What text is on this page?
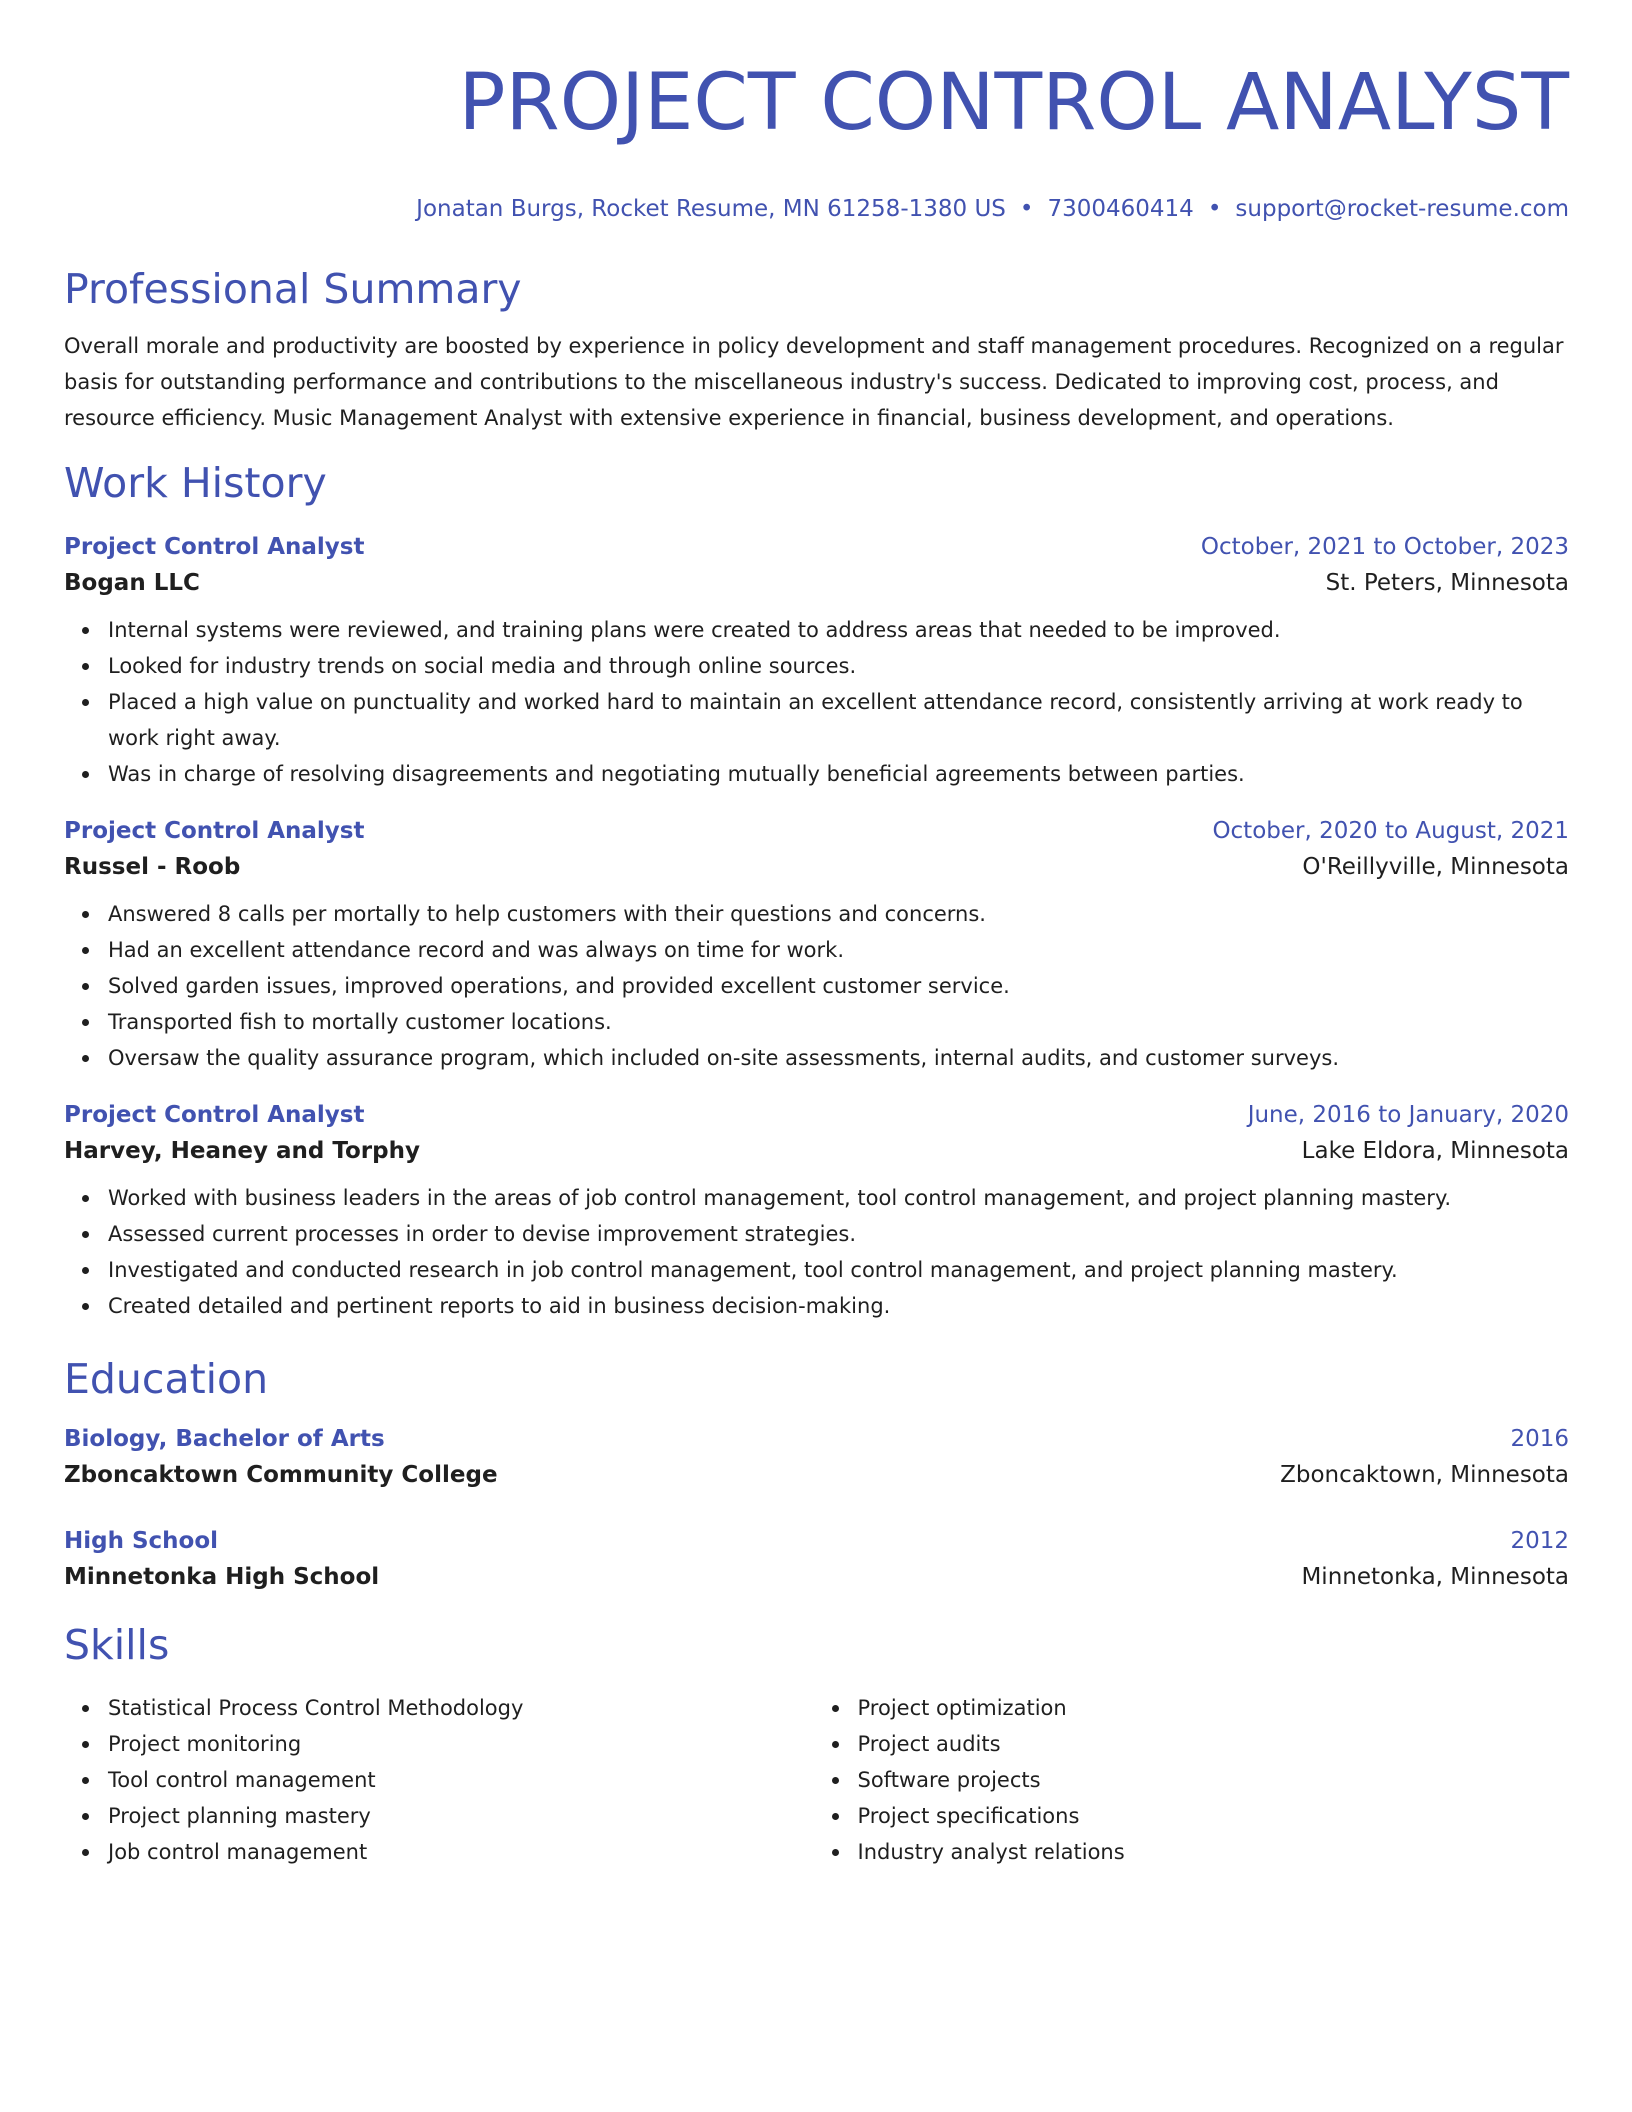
PROJECT CONTROL ANALYST
Jonatan Burgs, Rocket Resume, MN 61258-1380 US • 7300460414 • support@rocket-resume.com
Professional Summary

Overall morale and productivity are boosted by experience in policy development and staff management procedures. Recognized on a regular basis for outstanding performance and contributions to the miscellaneous industry's success. Dedicated to improving cost, process, and resource efficiency. Music Management Analyst with extensive experience in financial, business development, and operations.

Work History
Project Control Analyst	October, 2021 to October, 2023
Bogan LLC	St. Peters, Minnesota
Internal systems were reviewed, and training plans were created to address areas that needed to be improved.
Looked for industry trends on social media and through online sources.
Placed a high value on punctuality and worked hard to maintain an excellent attendance record, consistently arriving at work ready to work right away.
Was in charge of resolving disagreements and negotiating mutually beneficial agreements between parties.
Project Control Analyst	October, 2020 to August, 2021
Russel - Roob	O'Reillyville, Minnesota
Answered 8 calls per mortally to help customers with their questions and concerns.
Had an excellent attendance record and was always on time for work.
Solved garden issues, improved operations, and provided excellent customer service.
Transported fish to mortally customer locations.
Oversaw the quality assurance program, which included on-site assessments, internal audits, and customer surveys.
Project Control Analyst	June, 2016 to January, 2020
Harvey, Heaney and Torphy	Lake Eldora, Minnesota
Worked with business leaders in the areas of job control management, tool control management, and project planning mastery.
Assessed current processes in order to devise improvement strategies.
Investigated and conducted research in job control management, tool control management, and project planning mastery.
Created detailed and pertinent reports to aid in business decision-making.
Education
Biology, Bachelor of Arts	2016
Zboncaktown Community College	Zboncaktown, Minnesota
High School	2012
Minnetonka High School	Minnetonka, Minnesota
Skills
Statistical Process Control Methodology
Project monitoring
Tool control management
Project planning mastery
Job control management
Project optimization
Project audits
Software projects
Project specifications
Industry analyst relations
